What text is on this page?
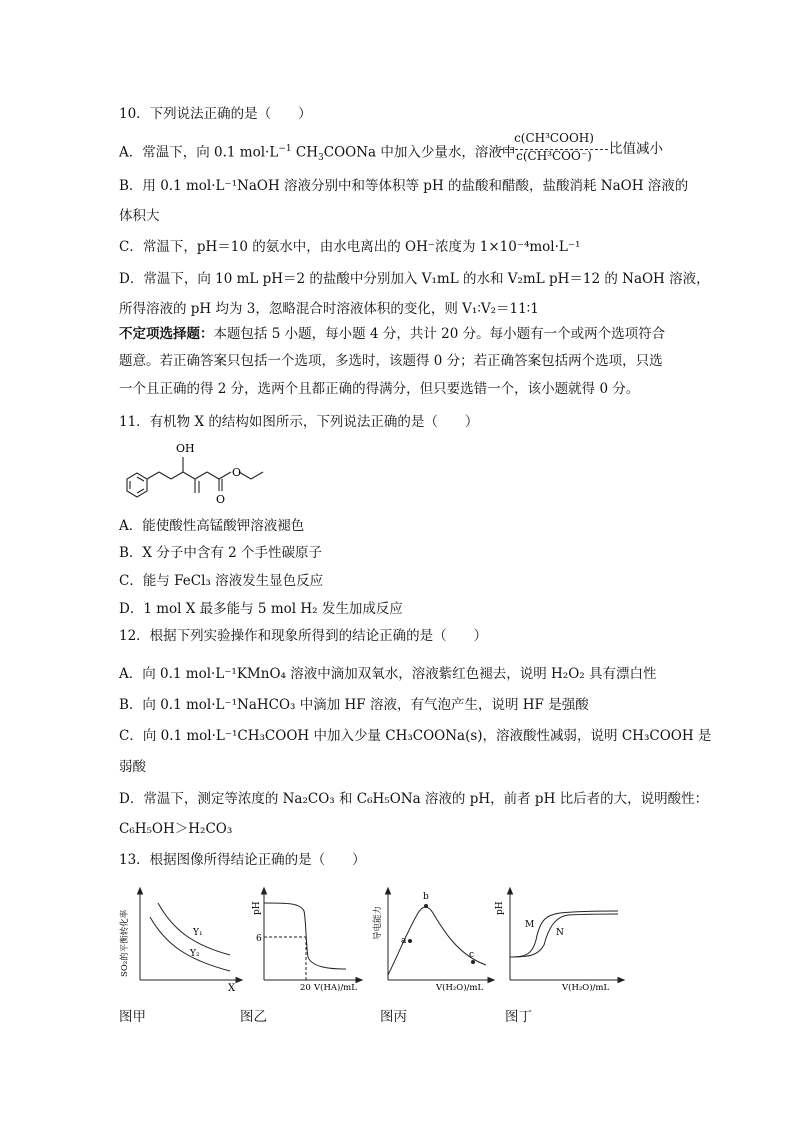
10．下列说法正确的是（　　）
A．常温下，向 0.1 $mol\cdot L^{-1}$ $CH_3COONa$ 中加入少量水，溶液中
c(CH³COOH)
c(CH³COO⁻)	比值减小
B．用 0.1 mol·L⁻¹NaOH 溶液分别中和等体积等 pH 的盐酸和醋酸，盐酸消耗 NaOH 溶液的
体积大
C．常温下，pH＝10 的氨水中，由水电离出的 OH⁻浓度为 1×10⁻⁴mol·L⁻¹
D．常温下，向 10 mL pH＝2 的盐酸中分别加入 V₁mL 的水和 V₂mL pH＝12 的 NaOH 溶液，
所得溶液的 pH 均为 3，忽略混合时溶液体积的变化，则 V₁∶V₂＝11∶1
不定项选择题：本题包括 5 小题，每小题 4 分，共计 20 分。每小题有一个或两个选项符合
题意。若正确答案只包括一个选项，多选时，该题得 0 分；若正确答案包括两个选项，只选
一个且正确的得 2 分，选两个且都正确的得满分，但只要选错一个，该小题就得 0 分。
11．有机物 X 的结构如图所示，下列说法正确的是（　　）
OH
O
O
A．能使酸性高锰酸钾溶液褪色
B．X 分子中含有 2 个手性碳原子
C．能与 FeCl₃ 溶液发生显色反应
D．1 mol X 最多能与 5 mol H₂ 发生加成反应
12．根据下列实验操作和现象所得到的结论正确的是（　　）
A．向 0.1 mol·L⁻¹KMnO₄ 溶液中滴加双氧水，溶液紫红色褪去，说明 H₂O₂ 具有漂白性
B．向 0.1 mol·L⁻¹NaHCO₃ 中滴加 HF 溶液，有气泡产生，说明 HF 是强酸
C．向 0.1 mol·L⁻¹CH₃COOH 中加入少量 CH₃COONa(s)，溶液酸性减弱，说明 CH₃COOH 是
弱酸
D．常温下，测定等浓度的 Na₂CO₃ 和 C₆H₅ONa 溶液的 pH，前者 pH 比后者的大，说明酸性：
C₆H₅OH＞H₂CO₃
13．根据图像所得结论正确的是（　　）
SO₂的平衡转化率	Y₁
Y₂
X
pH
6
20 V(HA)/mL
导电能力
a
b
c
V(H₂O)/mL
pH
M
N
V(H₂O)/mL
图甲	图乙	图丙	图丁
